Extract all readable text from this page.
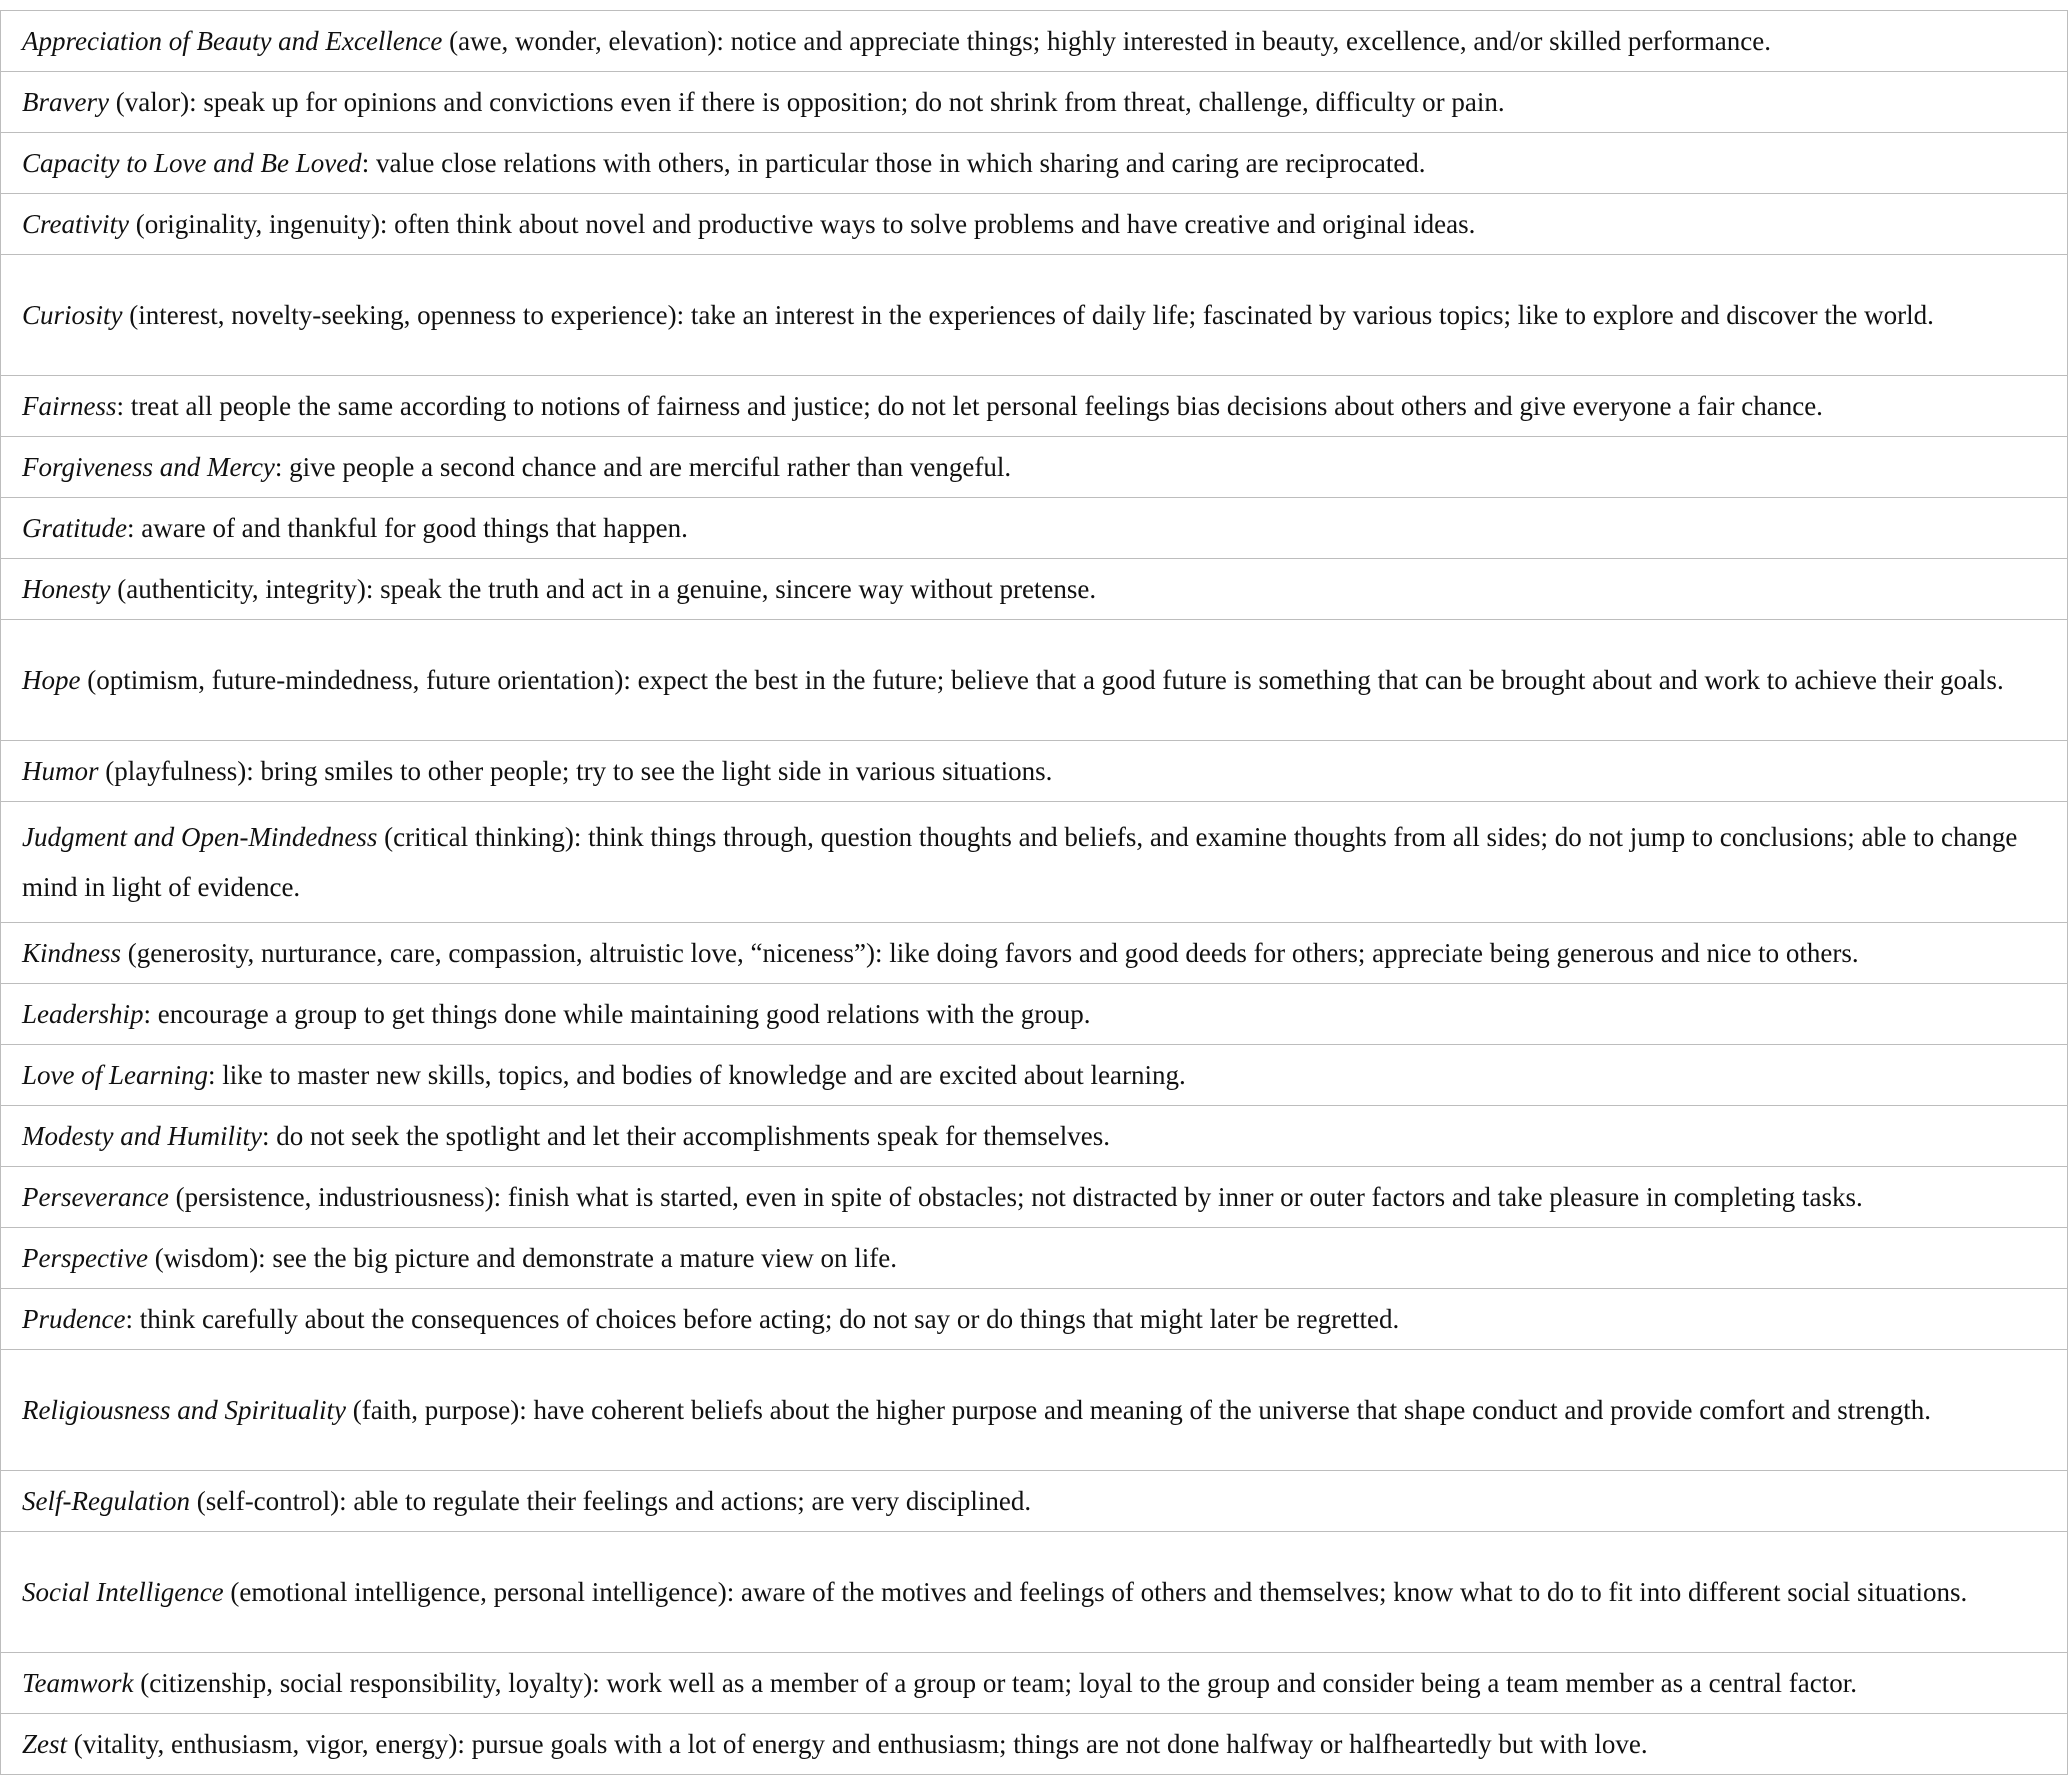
Appreciation of Beauty and Excellence (awe, wonder, elevation): notice and appreciate things; highly interested in beauty, excellence, and/or skilled performance.
Bravery (valor): speak up for opinions and convictions even if there is opposition; do not shrink from threat, challenge, difficulty or pain.
Capacity to Love and Be Loved: value close relations with others, in particular those in which sharing and caring are reciprocated.
Creativity (originality, ingenuity): often think about novel and productive ways to solve problems and have creative and original ideas.
Curiosity (interest, novelty-seeking, openness to experience): take an interest in the experiences of daily life; fascinated by various topics; like to explore and discover the world.
Fairness: treat all people the same according to notions of fairness and justice; do not let personal feelings bias decisions about others and give everyone a fair chance.
Forgiveness and Mercy: give people a second chance and are merciful rather than vengeful.
Gratitude: aware of and thankful for good things that happen.
Honesty (authenticity, integrity): speak the truth and act in a genuine, sincere way without pretense.
Hope (optimism, future-mindedness, future orientation): expect the best in the future; believe that a good future is something that can be brought about and work to achieve their goals.
Humor (playfulness): bring smiles to other people; try to see the light side in various situations.
Judgment and Open-Mindedness (critical thinking): think things through, question thoughts and beliefs, and examine thoughts from all sides; do not jump to conclusions; able to change mind in light of evidence.
Kindness (generosity, nurturance, care, compassion, altruistic love, “niceness”): like doing favors and good deeds for others; appreciate being generous and nice to others.
Leadership: encourage a group to get things done while maintaining good relations with the group.
Love of Learning: like to master new skills, topics, and bodies of knowledge and are excited about learning.
Modesty and Humility: do not seek the spotlight and let their accomplishments speak for themselves.
Perseverance (persistence, industriousness): finish what is started, even in spite of obstacles; not distracted by inner or outer factors and take pleasure in completing tasks.
Perspective (wisdom): see the big picture and demonstrate a mature view on life.
Prudence: think carefully about the consequences of choices before acting; do not say or do things that might later be regretted.
Religiousness and Spirituality (faith, purpose): have coherent beliefs about the higher purpose and meaning of the universe that shape conduct and provide comfort and strength.
Self-Regulation (self-control): able to regulate their feelings and actions; are very disciplined.
Social Intelligence (emotional intelligence, personal intelligence): aware of the motives and feelings of others and themselves; know what to do to fit into different social situations.
Teamwork (citizenship, social responsibility, loyalty): work well as a member of a group or team; loyal to the group and consider being a team member as a central factor.
Zest (vitality, enthusiasm, vigor, energy): pursue goals with a lot of energy and enthusiasm; things are not done halfway or halfheartedly but with love.
